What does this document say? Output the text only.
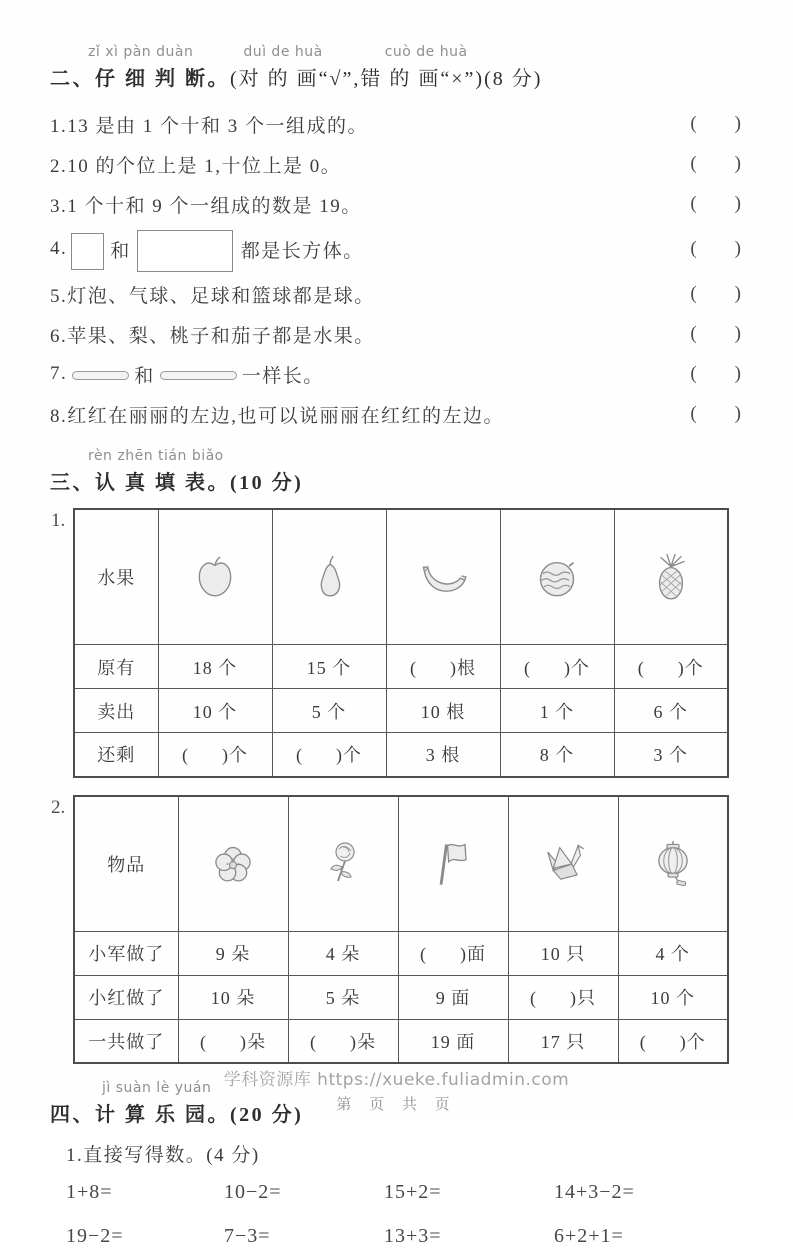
zǐ xì pàn duàn	duì de huà	cuò de huà
二、仔 细 判 断。(对 的 画“√”,错 的 画“×”)(8 分)
1.13 是由 1 个十和 3 个一组成的。	(        )
2.10 的个位上是 1,十位上是 0。	(        )
3.1 个十和 9 个一组成的数是 19。	(        )
4. 和	都是长方体。	(        )
5.灯泡、气球、足球和篮球都是球。	(        )
6.苹果、梨、桃子和茄子都是水果。	(        )
7.	和	一样长。	(        )
8.红红在丽丽的左边,也可以说丽丽在红红的左边。	(        )
rèn zhēn tián biǎo
三、认 真 填 表。(10 分)
1.
水果	

原有	18 个	15 个	(      )根	(      )个	(      )个
卖出	10 个	5 个	10 根	1 个	6 个
还剩	(      )个	(      )个	3 根	8 个	3 个
2.
物品	

小军做了	9 朵	4 朵	(      )面	10 只	4 个
小红做了	10 朵	5 朵	9 面	(      )只	10 个
一共做了	(      )朵	(      )朵	19 面	17 只	(      )个
jì suàn lè yuán
四、计 算 乐 园。(20 分)
1.直接写得数。(4 分)
1+8=	10−2=	15+2=	14+3−2=
19−2=	7−3=	13+3=	6+2+1=
学科资源库 https://xueke.fuliadmin.com
第 页 共 页
